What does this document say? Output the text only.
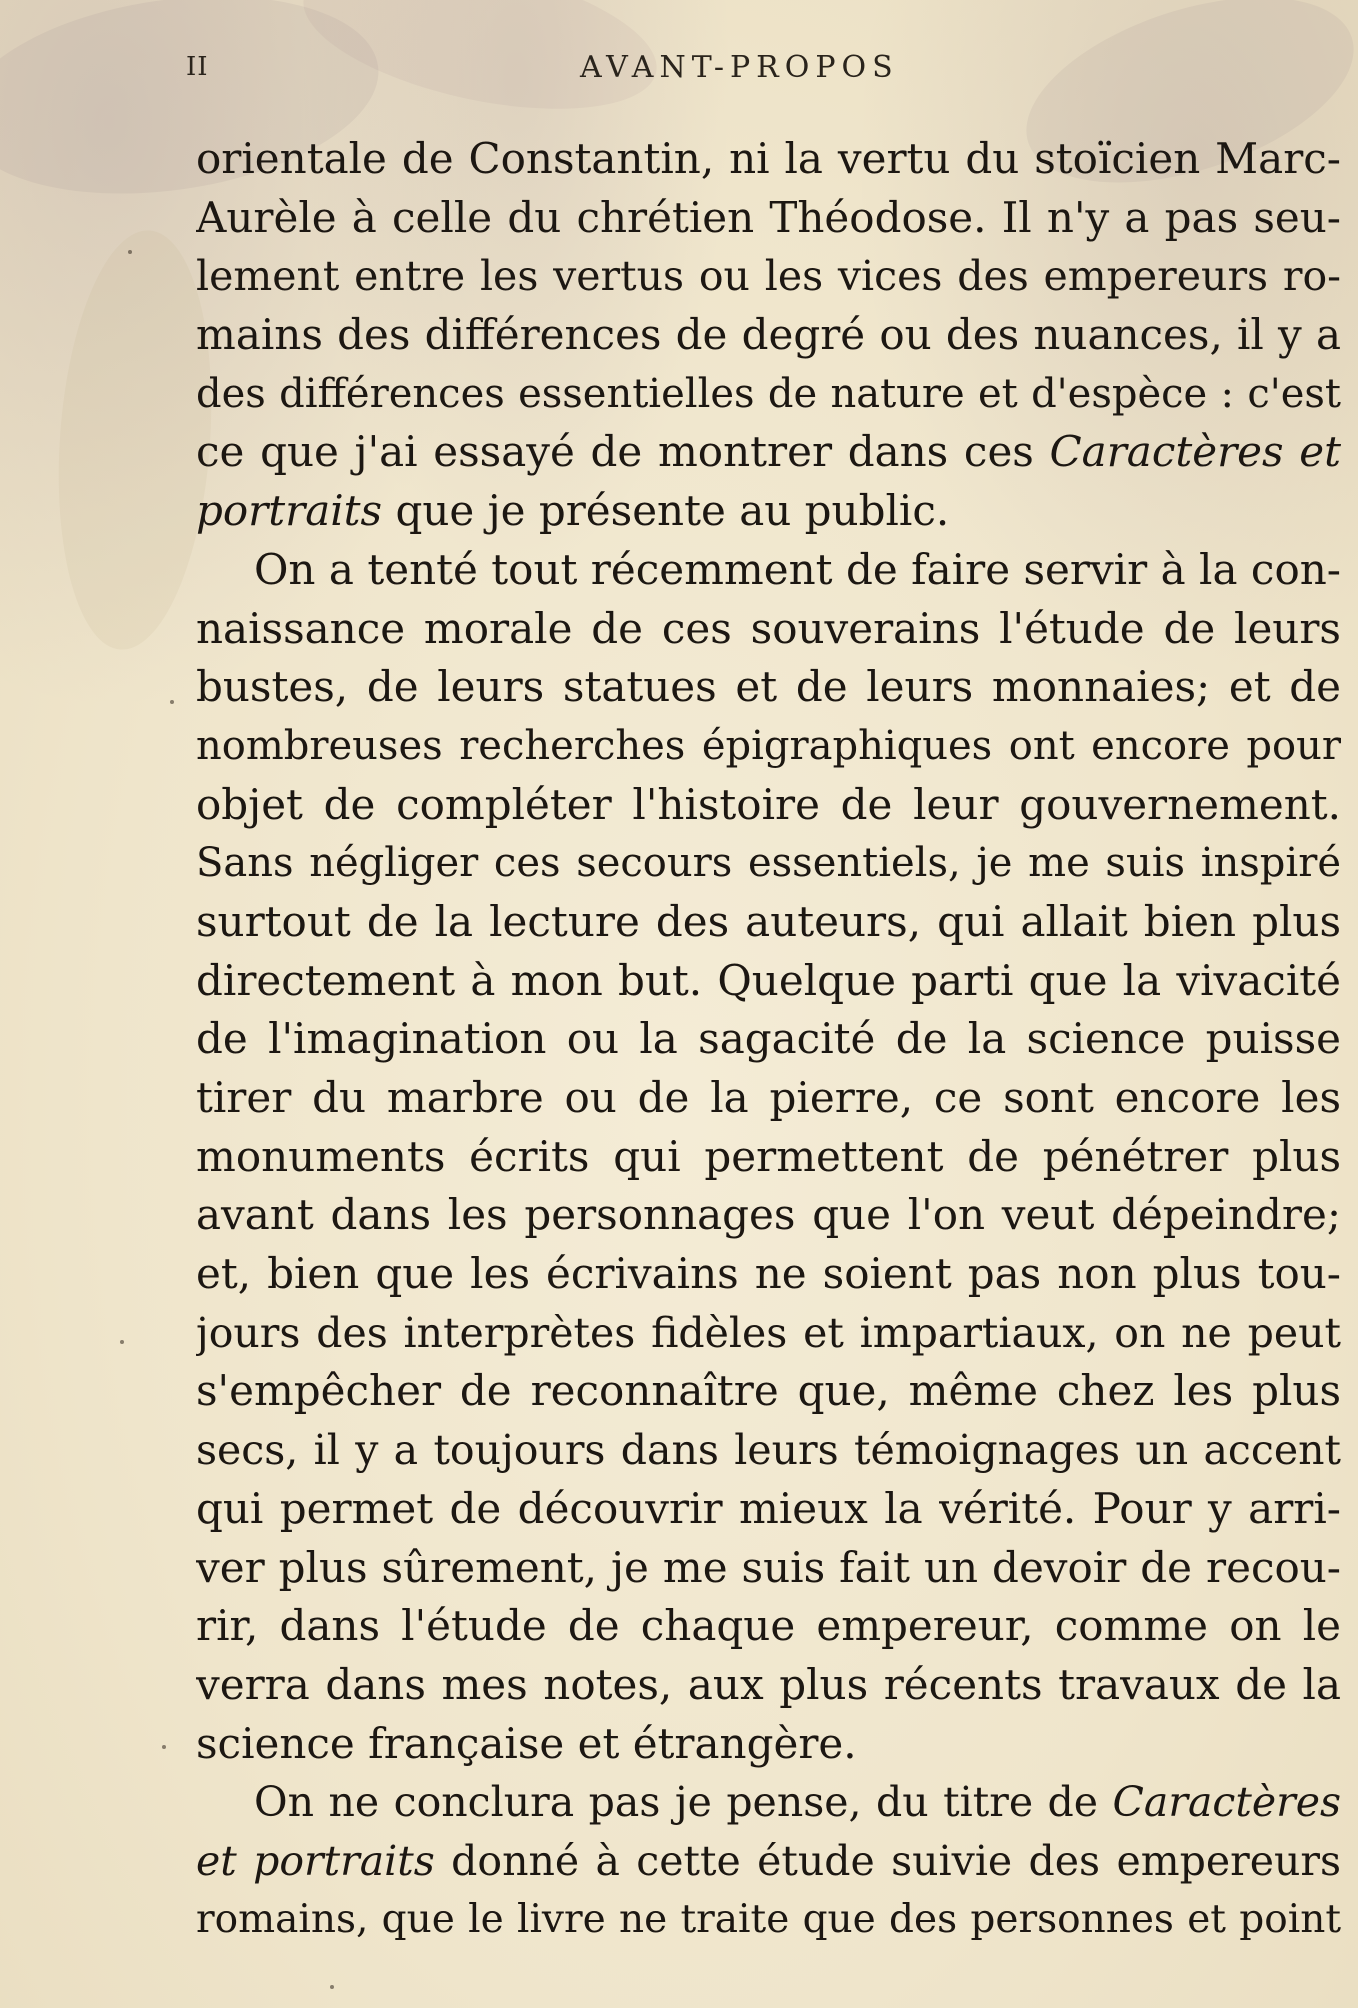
II	AVANT-PROPOS

orientale de Constantin, ni la vertu du stoïcien Marc-
Aurèle à celle du chrétien Théodose. Il n'y a pas seu-
lement entre les vertus ou les vices des empereurs ro-
mains des différences de degré ou des nuances, il y a
des différences essentielles de nature et d'espèce : c'est
ce que j'ai essayé de montrer dans ces Caractères et
portraits que je présente au public.
On a tenté tout récemment de faire servir à la con-
naissance morale de ces souverains l'étude de leurs
bustes, de leurs statues et de leurs monnaies; et de
nombreuses recherches épigraphiques ont encore pour
objet de compléter l'histoire de leur gouvernement.
Sans négliger ces secours essentiels, je me suis inspiré
surtout de la lecture des auteurs, qui allait bien plus
directement à mon but. Quelque parti que la vivacité
de l'imagination ou la sagacité de la science puisse
tirer du marbre ou de la pierre, ce sont encore les
monuments écrits qui permettent de pénétrer plus
avant dans les personnages que l'on veut dépeindre;
et, bien que les écrivains ne soient pas non plus tou-
jours des interprètes fidèles et impartiaux, on ne peut
s'empêcher de reconnaître que, même chez les plus
secs, il y a toujours dans leurs témoignages un accent
qui permet de découvrir mieux la vérité. Pour y arri-
ver plus sûrement, je me suis fait un devoir de recou-
rir, dans l'étude de chaque empereur, comme on le
verra dans mes notes, aux plus récents travaux de la
science française et étrangère.
On ne conclura pas je pense, du titre de Caractères
et portraits donné à cette étude suivie des empereurs
romains, que le livre ne traite que des personnes et point
